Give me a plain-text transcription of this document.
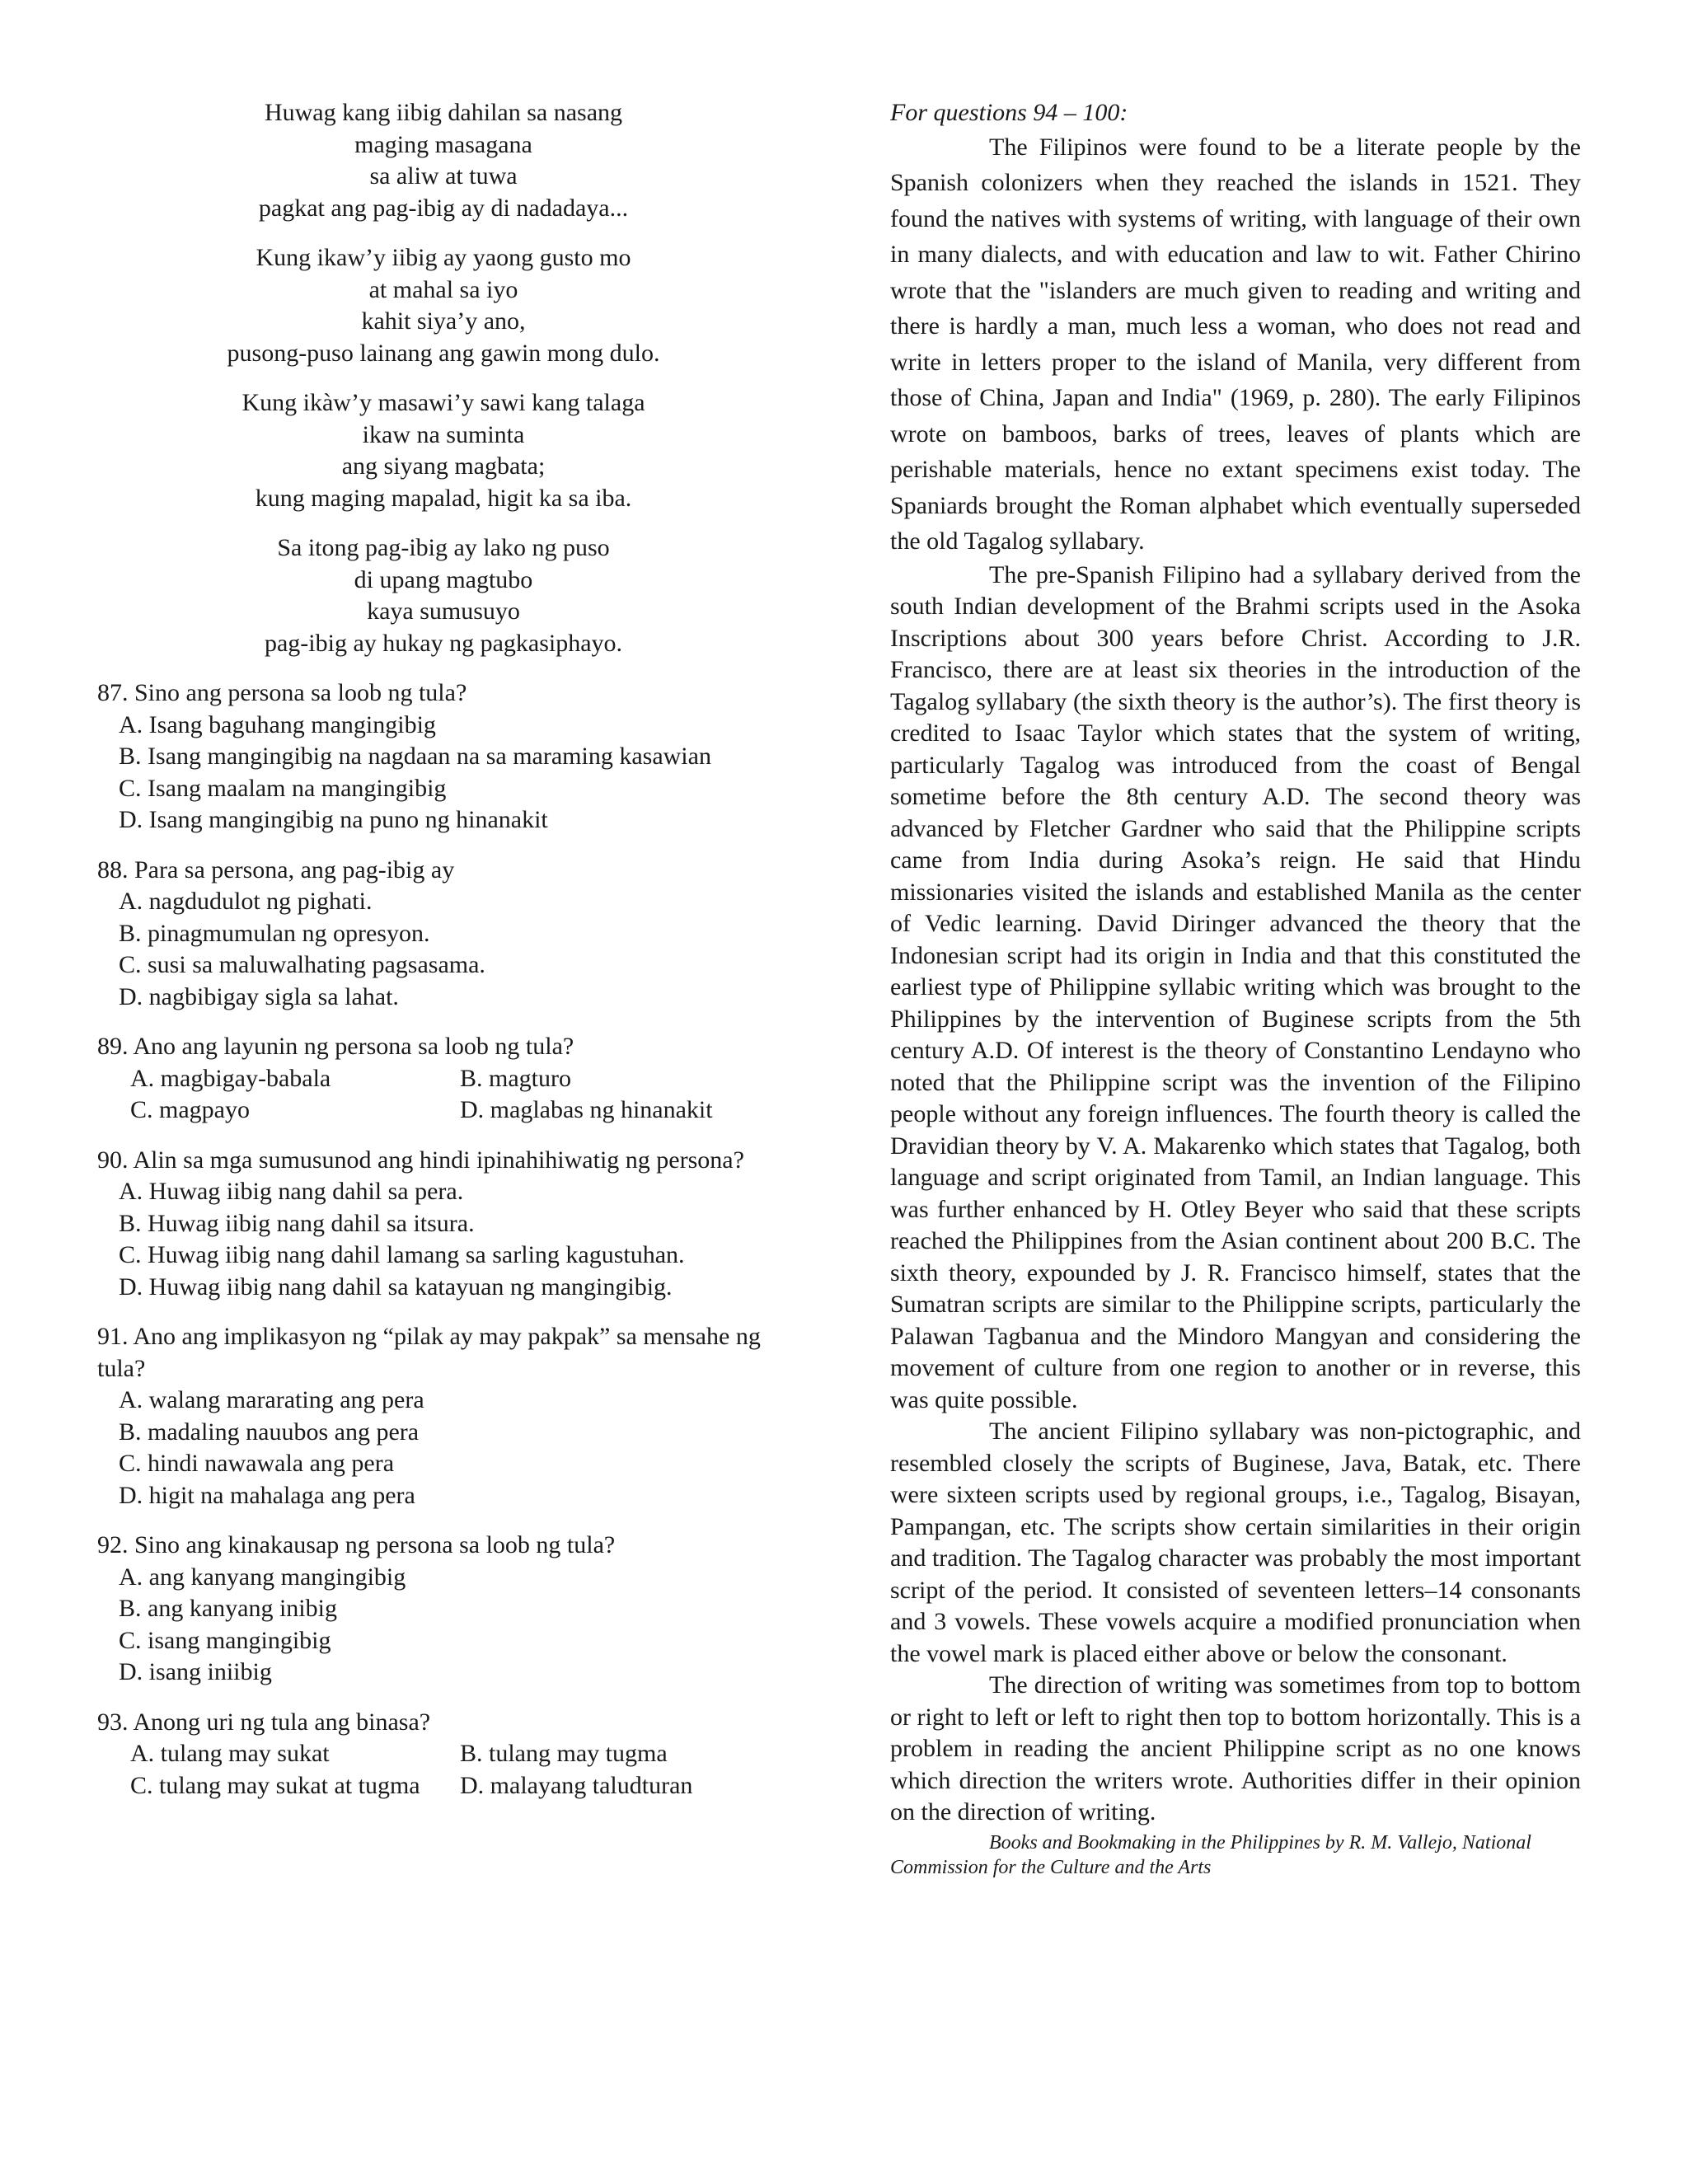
Huwag kang iibig dahilan sa nasang
maging masagana
sa aliw at tuwa
pagkat ang pag-ibig ay di nadadaya...
Kung ikaw’y iibig ay yaong gusto mo
at mahal sa iyo
kahit siya’y ano,
pusong-puso lainang ang gawin mong dulo.
Kung ikàw’y masawi’y sawi kang talaga
ikaw na suminta
ang siyang magbata;
kung maging mapalad, higit ka sa iba.
Sa itong pag-ibig ay lako ng puso
di upang magtubo
kaya sumusuyo
pag-ibig ay hukay ng pagkasiphayo.
87. Sino ang persona sa loob ng tula?
A. Isang baguhang mangingibig
B. Isang mangingibig na nagdaan na sa maraming kasawian
C. Isang maalam na mangingibig
D. Isang mangingibig na puno ng hinanakit
88. Para sa persona, ang pag-ibig ay
A. nagdudulot ng pighati.
B. pinagmumulan ng opresyon.
C. susi sa maluwalhating pagsasama.
D. nagbibigay sigla sa lahat.
89. Ano ang layunin ng persona sa loob ng tula?
A. magbigay-babala	B. magturo
C. magpayo	D. maglabas ng hinanakit
90. Alin sa mga sumusunod ang hindi ipinahihiwatig ng persona?
A. Huwag iibig nang dahil sa pera.
B. Huwag iibig nang dahil sa itsura.
C. Huwag iibig nang dahil lamang sa sarling kagustuhan.
D. Huwag iibig nang dahil sa katayuan ng mangingibig.
91. Ano ang implikasyon ng “pilak ay may pakpak” sa mensahe ng tula?
A. walang mararating ang pera
B. madaling nauubos ang pera
C. hindi nawawala ang pera
D. higit na mahalaga ang pera
92. Sino ang kinakausap ng persona sa loob ng tula?
A. ang kanyang mangingibig
B. ang kanyang inibig
C. isang mangingibig
D. isang iniibig
93. Anong uri ng tula ang binasa?
A. tulang may sukat	B. tulang may tugma
C. tulang may sukat at tugma	D. malayang taludturan
For questions 94 – 100:

The Filipinos were found to be a literate people by the Spanish colonizers when they reached the islands in 1521. They found the natives with systems of writing, with language of their own in many dialects, and with education and law to wit. Father Chirino wrote that the "islanders are much given to reading and writing and there is hardly a man, much less a woman, who does not read and write in letters proper to the island of Manila, very different from those of China, Japan and India" (1969, p. 280). The early Filipinos wrote on bamboos, barks of trees, leaves of plants which are perishable materials, hence no extant specimens exist today. The Spaniards brought the Roman alphabet which eventually superseded the old Tagalog syllabary.

The pre-Spanish Filipino had a syllabary derived from the south Indian development of the Brahmi scripts used in the Asoka Inscriptions about 300 years before Christ. According to J.R. Francisco, there are at least six theories in the introduction of the Tagalog syllabary (the sixth theory is the author’s). The first theory is credited to Isaac Taylor which states that the system of writing, particularly Tagalog was introduced from the coast of Bengal sometime before the 8th century A.D. The second theory was advanced by Fletcher Gardner who said that the Philippine scripts came from India during Asoka’s reign. He said that Hindu missionaries visited the islands and established Manila as the center of Vedic learning. David Diringer advanced the theory that the Indonesian script had its origin in India and that this constituted the earliest type of Philippine syllabic writing which was brought to the Philippines by the intervention of Buginese scripts from the 5th century A.D. Of interest is the theory of Constantino Lendayno who noted that the Philippine script was the invention of the Filipino people without any foreign influences. The fourth theory is called the Dravidian theory by V. A. Makarenko which states that Tagalog, both language and script originated from Tamil, an Indian language. This was further enhanced by H. Otley Beyer who said that these scripts reached the Philippines from the Asian continent about 200 B.C. The sixth theory, expounded by J. R. Francisco himself, states that the Sumatran scripts are similar to the Philippine scripts, particularly the Palawan Tagbanua and the Mindoro Mangyan and considering the movement of culture from one region to another or in reverse, this was quite possible.

The ancient Filipino syllabary was non-pictographic, and resembled closely the scripts of Buginese, Java, Batak, etc. There were sixteen scripts used by regional groups, i.e., Tagalog, Bisayan, Pampangan, etc. The scripts show certain similarities in their origin and tradition. The Tagalog character was probably the most important script of the period. It consisted of seventeen letters–14 consonants and 3 vowels. These vowels acquire a modified pronunciation when the vowel mark is placed either above or below the consonant.

The direction of writing was sometimes from top to bottom or right to left or left to right then top to bottom horizontally. This is a problem in reading the ancient Philippine script as no one knows which direction the writers wrote. Authorities differ in their opinion on the direction of writing.

Books and Bookmaking in the Philippines by R. M. Vallejo, National Commission for the Culture and the Arts
